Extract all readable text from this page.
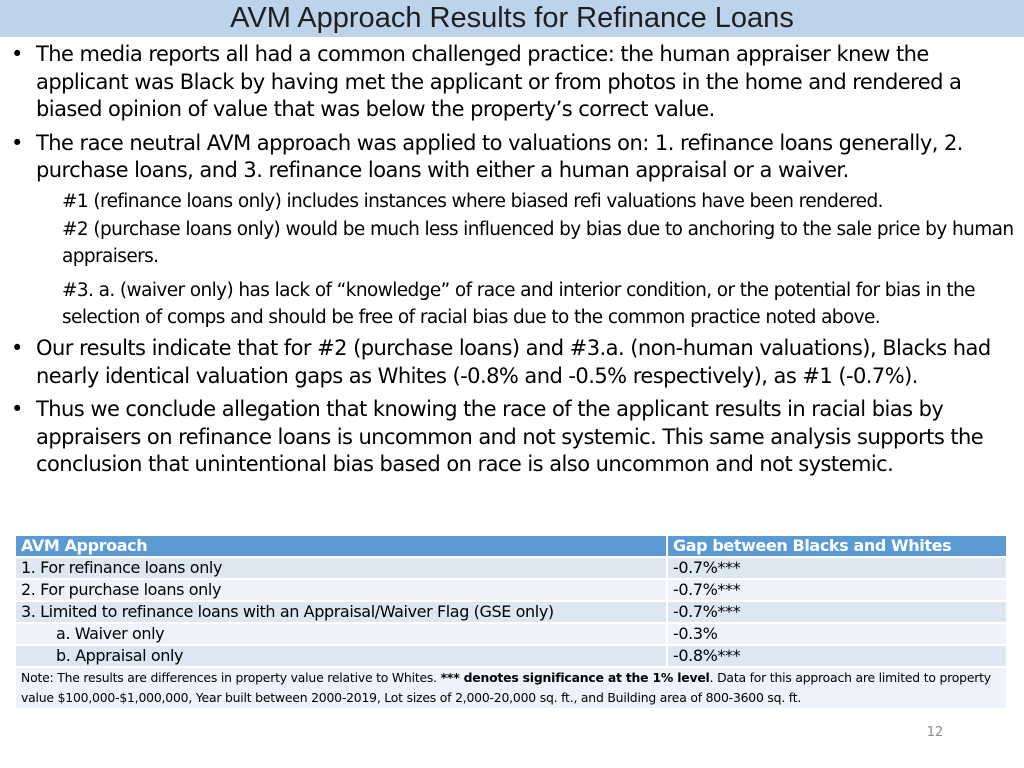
AVM Approach Results for Refinance Loans
• The media reports all had a common challenged practice: the human appraiser knew the applicant was Black by having met the applicant or from photos in the home and rendered a biased opinion of value that was below the property’s correct value.
• The race neutral AVM approach was applied to valuations on: 1. refinance loans generally, 2. purchase loans, and 3. refinance loans with either a human appraisal or a waiver.
#1 (refinance loans only) includes instances where biased refi valuations have been rendered.
#2 (purchase loans only) would be much less influenced by bias due to anchoring to the sale price by human appraisers.
#3. a. (waiver only) has lack of “knowledge” of race and interior condition, or the potential for bias in the selection of comps and should be free of racial bias due to the common practice noted above.
• Our results indicate that for #2 (purchase loans) and #3.a. (non-human valuations), Blacks had nearly identical valuation gaps as Whites (-0.8% and -0.5% respectively), as #1 (-0.7%).
• Thus we conclude allegation that knowing the race of the applicant results in racial bias by appraisers on refinance loans is uncommon and not systemic. This same analysis supports the conclusion that unintentional bias based on race is also uncommon and not systemic.
AVM Approach	Gap between Blacks and Whites
1. For refinance loans only	-0.7%***
2. For purchase loans only	-0.7%***
3. Limited to refinance loans with an Appraisal/Waiver Flag (GSE only)	-0.7%***
a. Waiver only	-0.3%
b. Appraisal only	-0.8%***
Note: The results are differences in property value relative to Whites. *** denotes significance at the 1% level. Data for this approach are limited to property value $100,000-$1,000,000, Year built between 2000-2019, Lot sizes of 2,000-20,000 sq. ft., and Building area of 800-3600 sq. ft.	
12
